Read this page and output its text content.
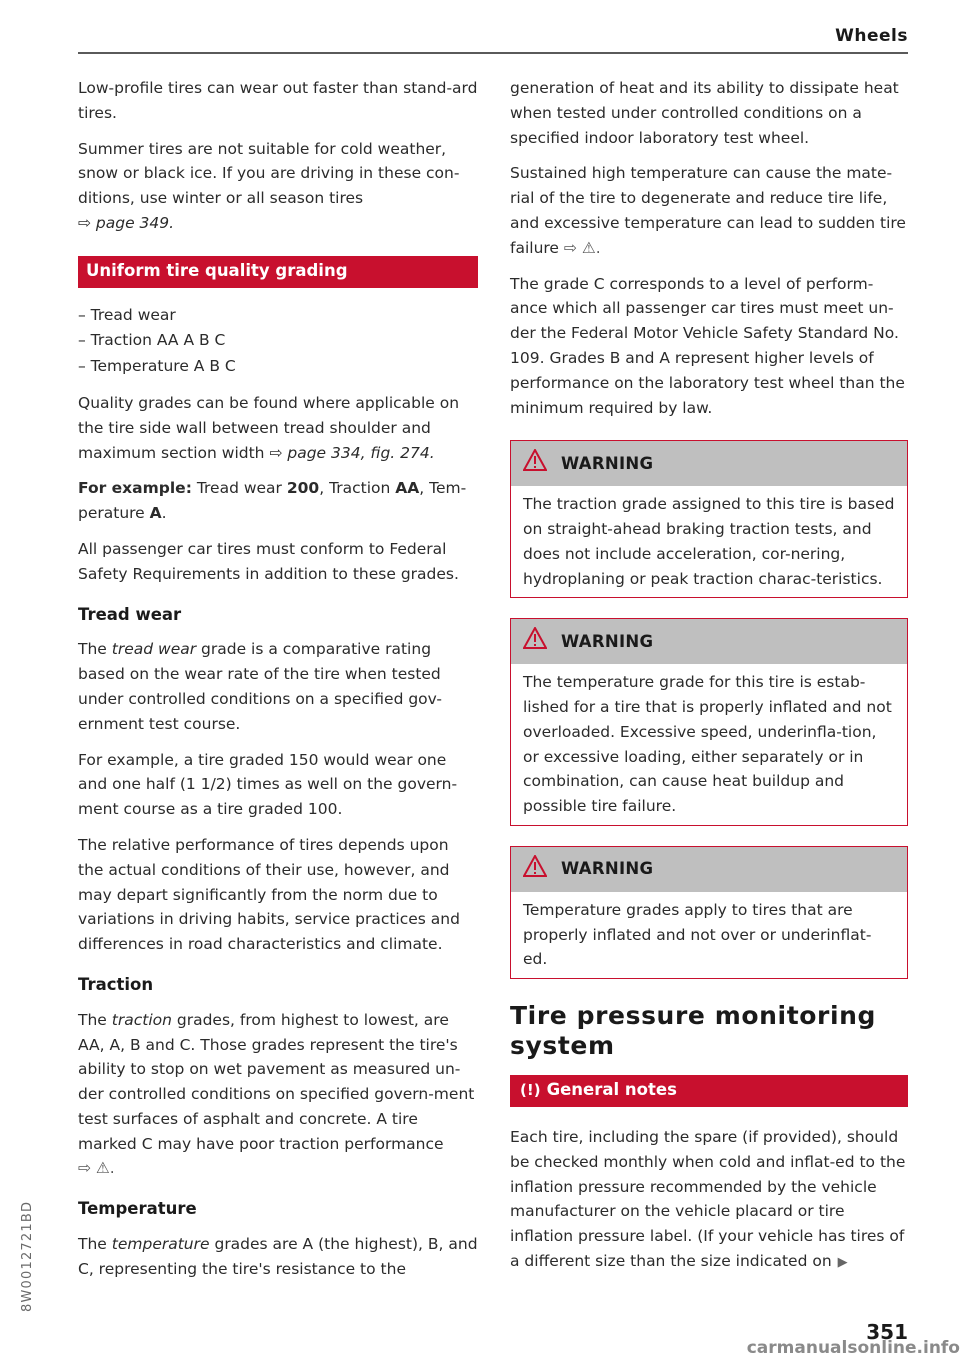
Wheels

Low-profile tires can wear out faster than stand-ard tires.

Summer tires are not suitable for cold weather, snow or black ice. If you are driving in these con-ditions, use winter or all season tires
⇨ page 349.

Uniform tire quality grading
– Tread wear
– Traction AA A B C
– Temperature A B C

Quality grades can be found where applicable on the tire side wall between tread shoulder and maximum section width ⇨ page 334, fig. 274.

For example: Tread wear 200, Traction AA, Tem-perature A.

All passenger car tires must conform to Federal Safety Requirements in addition to these grades.

Tread wear

The tread wear grade is a comparative rating based on the wear rate of the tire when tested under controlled conditions on a specified gov-ernment test course.

For example, a tire graded 150 would wear one and one half (1 1/2) times as well on the govern-ment course as a tire graded 100.

The relative performance of tires depends upon the actual conditions of their use, however, and may depart significantly from the norm due to variations in driving habits, service practices and differences in road characteristics and climate.

Traction

The traction grades, from highest to lowest, are AA, A, B and C. Those grades represent the tire's ability to stop on wet pavement as measured un-der controlled conditions on specified govern-ment test surfaces of asphalt and concrete. A tire marked C may have poor traction performance
⇨ ⚠.

Temperature

The temperature grades are A (the highest), B, and C, representing the tire's resistance to the

generation of heat and its ability to dissipate heat when tested under controlled conditions on a specified indoor laboratory test wheel.

Sustained high temperature can cause the mate-rial of the tire to degenerate and reduce tire life, and excessive temperature can lead to sudden tire failure ⇨ ⚠.

The grade C corresponds to a level of perform-ance which all passenger car tires must meet un-der the Federal Motor Vehicle Safety Standard No. 109. Grades B and A represent higher levels of performance on the laboratory test wheel than the minimum required by law.

WARNING
The traction grade assigned to this tire is based on straight-ahead braking traction tests, and does not include acceleration, cor-nering, hydroplaning or peak traction charac-teristics.
WARNING
The temperature grade for this tire is estab-lished for a tire that is properly inflated and not overloaded. Excessive speed, underinfla-tion, or excessive loading, either separately or in combination, can cause heat buildup and possible tire failure.
WARNING
Temperature grades apply to tires that are properly inflated and not over or underinflat-ed.
Tire pressure monitoring system
(!) General notes

Each tire, including the spare (if provided), should be checked monthly when cold and inflat-ed to the inflation pressure recommended by the vehicle manufacturer on the vehicle placard or tire inflation pressure label. (If your vehicle has tires of a different size than the size indicated on ▶

8W0012721BD
351
carmanualsonline.info
